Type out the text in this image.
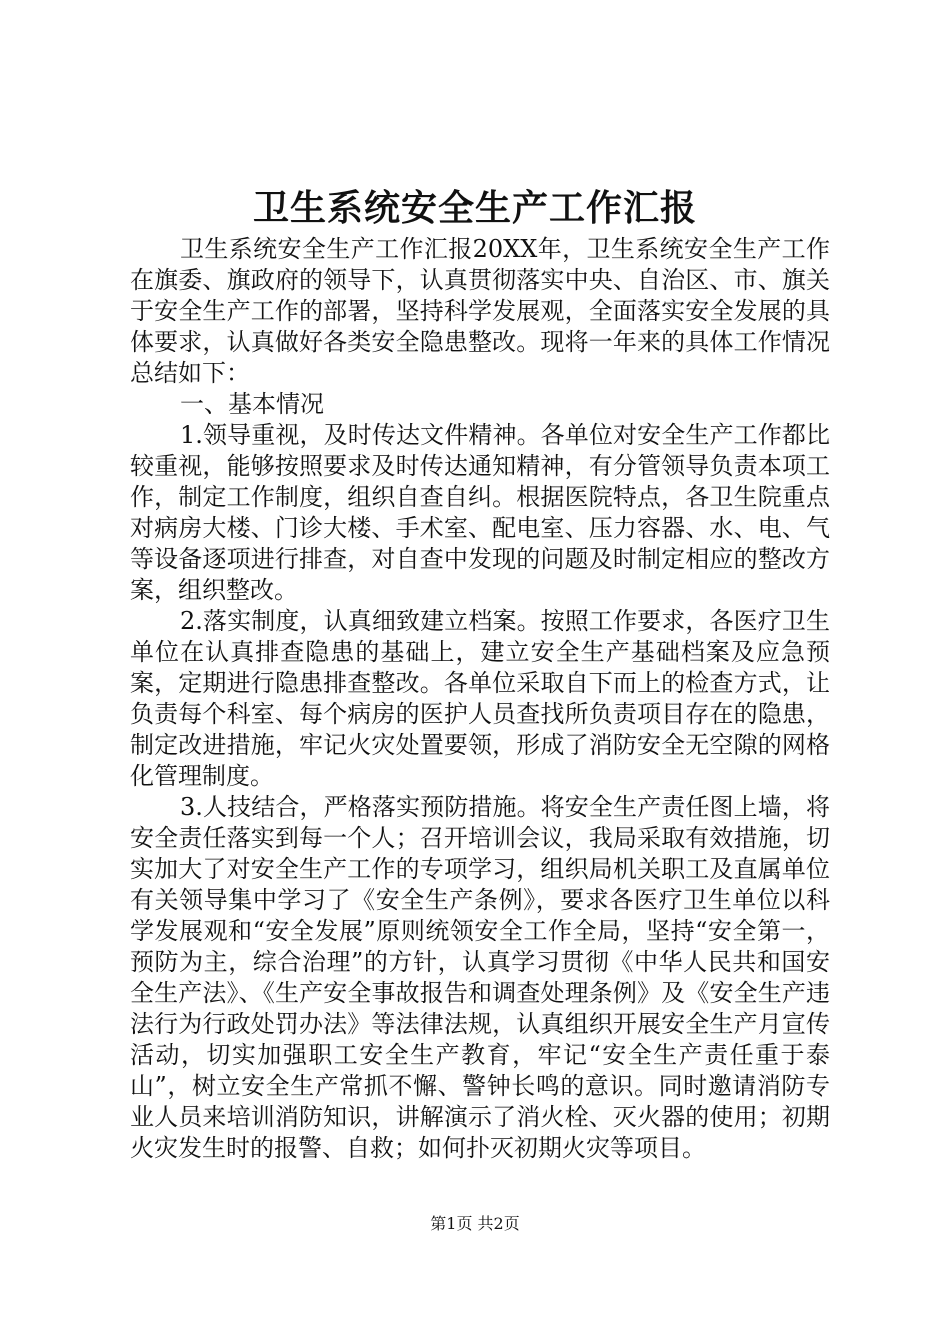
卫生系统安全生产工作汇报

卫生系统安全生产工作汇报20XX年，卫生系统安全生产工作在旗委、旗政府的领导下，认真贯彻落实中央、自治区、市、旗关于安全生产工作的部署，坚持科学发展观，全面落实安全发展的具体要求，认真做好各类安全隐患整改。现将一年来的具体工作情况总结如下：

一、基本情况

1.领导重视，及时传达文件精神。各单位对安全生产工作都比较重视，能够按照要求及时传达通知精神，有分管领导负责本项工作，制定工作制度，组织自查自纠。根据医院特点，各卫生院重点对病房大楼、门诊大楼、手术室、配电室、压力容器、水、电、气等设备逐项进行排查，对自查中发现的问题及时制定相应的整改方案，组织整改。

2.落实制度，认真细致建立档案。按照工作要求，各医疗卫生单位在认真排查隐患的基础上，建立安全生产基础档案及应急预案，定期进行隐患排查整改。各单位采取自下而上的检查方式，让负责每个科室、每个病房的医护人员查找所负责项目存在的隐患，制定改进措施，牢记火灾处置要领，形成了消防安全无空隙的网格化管理制度。

3.人技结合，严格落实预防措施。将安全生产责任图上墙，将安全责任落实到每一个人；召开培训会议，我局采取有效措施，切实加大了对安全生产工作的专项学习，组织局机关职工及直属单位有关领导集中学习了《安全生产条例》，要求各医疗卫生单位以科学发展观和“安全发展”原则统领安全工作全局，坚持“安全第一，预防为主，综合治理”的方针，认真学习贯彻《中华人民共和国安全生产法》、《生产安全事故报告和调查处理条例》及《安全生产违法行为行政处罚办法》等法律法规，认真组织开展安全生产月宣传活动，切实加强职工安全生产教育，牢记“安全生产责任重于泰山”，树立安全生产常抓不懈、警钟长鸣的意识。同时邀请消防专业人员来培训消防知识，讲解演示了消火栓、灭火器的使用；初期火灾发生时的报警、自救；如何扑灭初期火灾等项目。

第1页 共2页
